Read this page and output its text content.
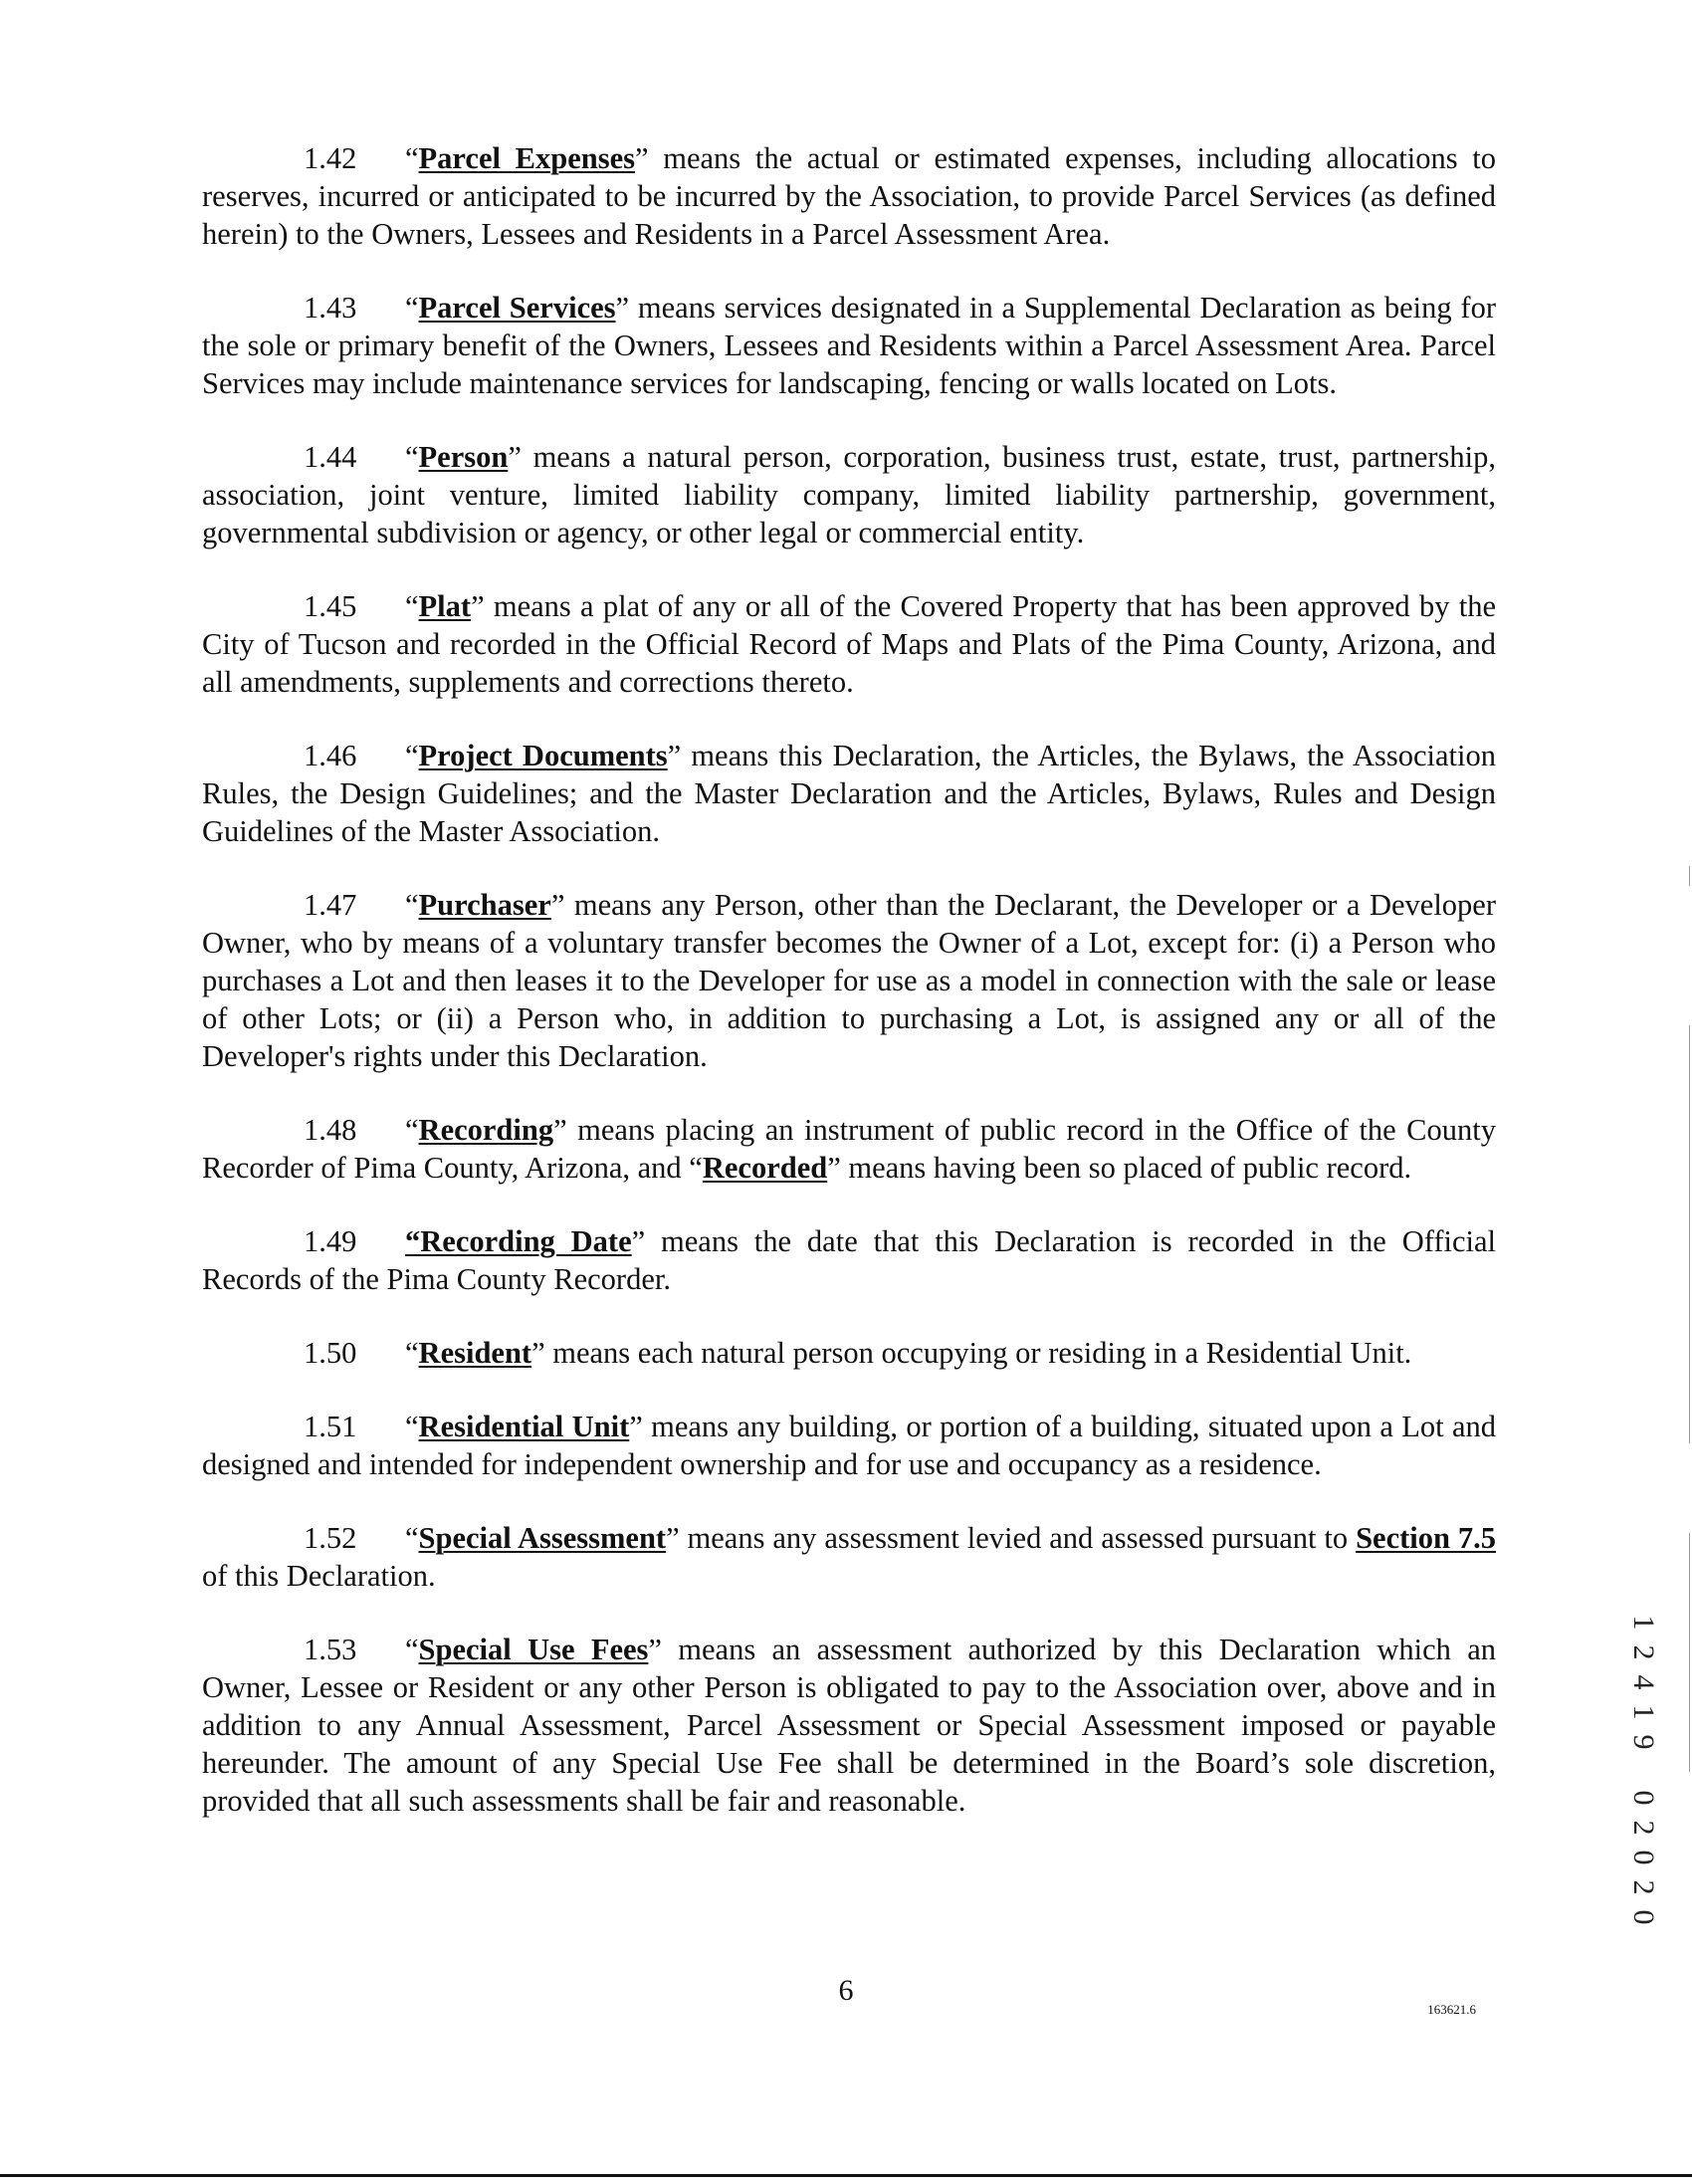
1.42 “Parcel Expenses” means the actual or estimated expenses, including allocations to reserves, incurred or anticipated to be incurred by the Association, to provide Parcel Services (as defined herein) to the Owners, Lessees and Residents in a Parcel Assessment Area.

1.43 “Parcel Services” means services designated in a Supplemental Declaration as being for the sole or primary benefit of the Owners, Lessees and Residents within a Parcel Assessment Area. Parcel Services may include maintenance services for landscaping, fencing or walls located on Lots.

1.44 “Person” means a natural person, corporation, business trust, estate, trust, partnership, association, joint venture, limited liability company, limited liability partnership, government, governmental subdivision or agency, or other legal or commercial entity.

1.45 “Plat” means a plat of any or all of the Covered Property that has been approved by the City of Tucson and recorded in the Official Record of Maps and Plats of the Pima County, Arizona, and all amendments, supplements and corrections thereto.

1.46 “Project Documents” means this Declaration, the Articles, the Bylaws, the Association Rules, the Design Guidelines; and the Master Declaration and the Articles, Bylaws, Rules and Design Guidelines of the Master Association.

1.47 “Purchaser” means any Person, other than the Declarant, the Developer or a Developer Owner, who by means of a voluntary transfer becomes the Owner of a Lot, except for: (i) a Person who purchases a Lot and then leases it to the Developer for use as a model in connection with the sale or lease of other Lots; or (ii) a Person who, in addition to purchasing a Lot, is assigned any or all of the Developer's rights under this Declaration.

1.48 “Recording” means placing an instrument of public record in the Office of the County Recorder of Pima County, Arizona, and “Recorded” means having been so placed of public record.

1.49 “Recording Date” means the date that this Declaration is recorded in the Official Records of the Pima County Recorder.

1.50 “Resident” means each natural person occupying or residing in a Residential Unit.

1.51 “Residential Unit” means any building, or portion of a building, situated upon a Lot and designed and intended for independent ownership and for use and occupancy as a residence.

1.52 “Special Assessment” means any assessment levied and assessed pursuant to Section 7.5 of this Declaration.

1.53 “Special Use Fees” means an assessment authorized by this Declaration which an Owner, Lessee or Resident or any other Person is obligated to pay to the Association over, above and in addition to any Annual Assessment, Parcel Assessment or Special Assessment imposed or payable hereunder. The amount of any Special Use Fee shall be determined in the Board’s sole discretion, provided that all such assessments shall be fair and reasonable.

6
163621.6
1
2
4
1
9
0
2
0
2
0
